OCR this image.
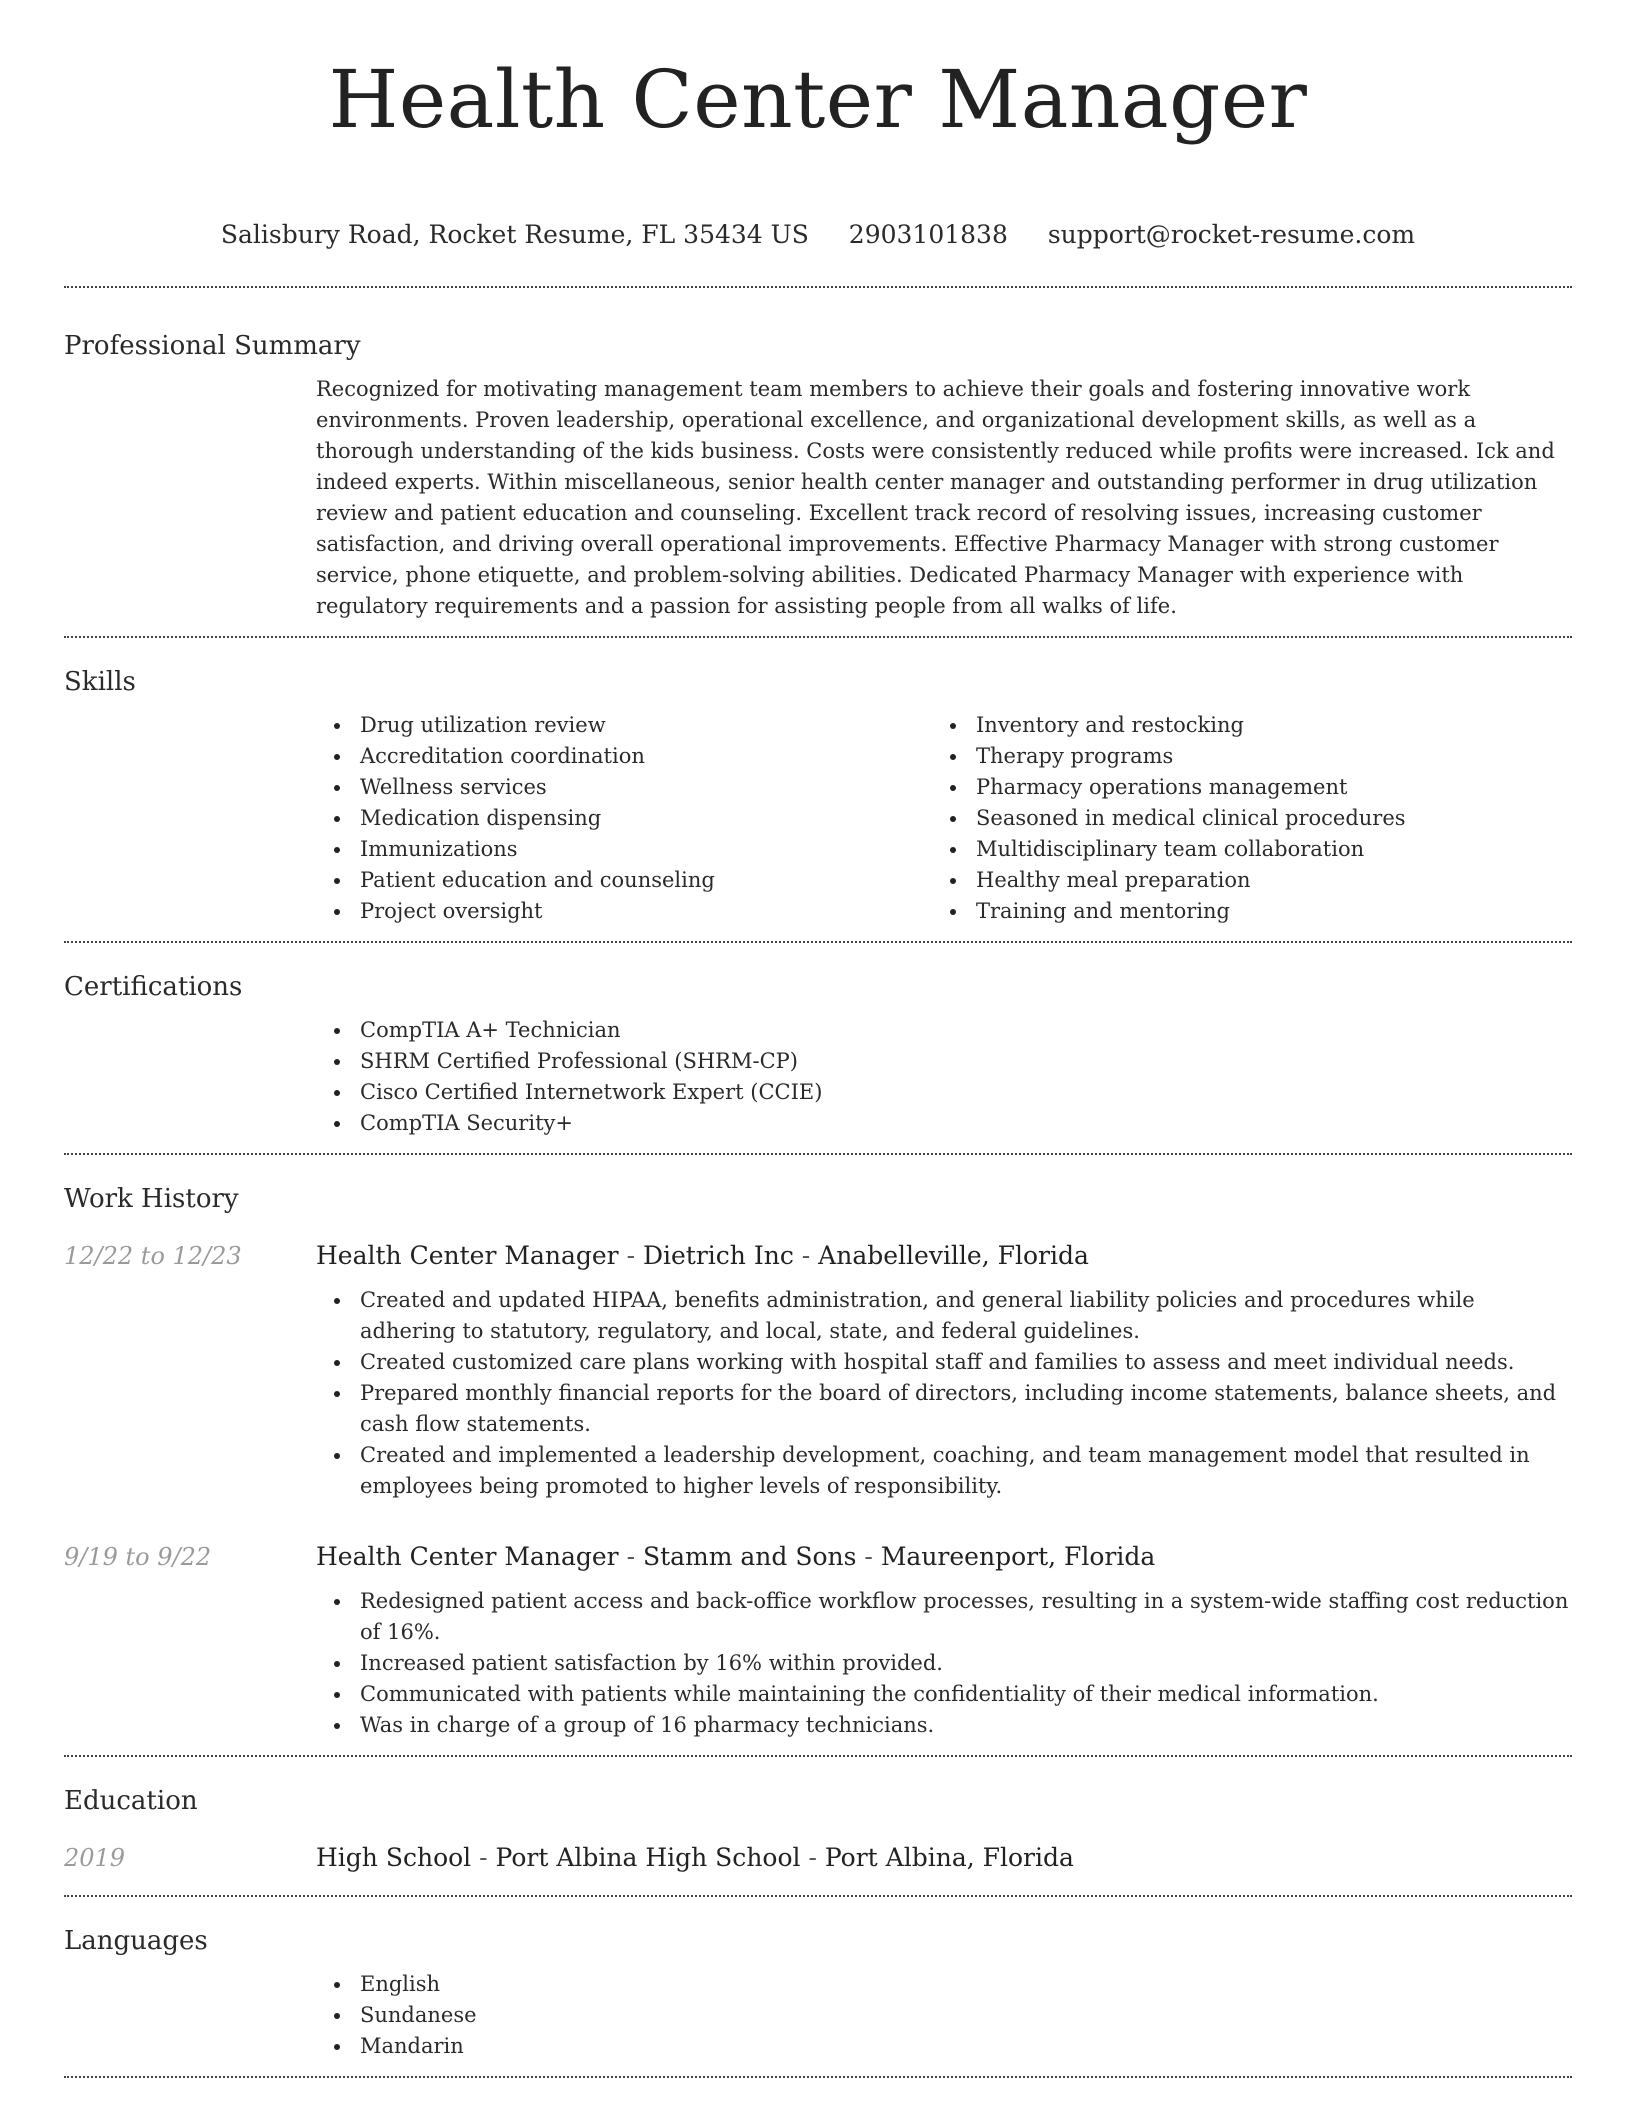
Health Center Manager
Salisbury Road, Rocket Resume, FL 35434 US 2903101838 support@rocket-resume.com
Professional Summary
Recognized for motivating management team members to achieve their goals and fostering innovative work environments. Proven leadership, operational excellence, and organizational development skills, as well as a thorough understanding of the kids business. Costs were consistently reduced while profits were increased. Ick and indeed experts. Within miscellaneous, senior health center manager and outstanding performer in drug utilization review and patient education and counseling. Excellent track record of resolving issues, increasing customer satisfaction, and driving overall operational improvements. Effective Pharmacy Manager with strong customer service, phone etiquette, and problem-solving abilities. Dedicated Pharmacy Manager with experience with regulatory requirements and a passion for assisting people from all walks of life.
Skills
Drug utilization review
Accreditation coordination
Wellness services
Medication dispensing
Immunizations
Patient education and counseling
Project oversight
Inventory and restocking
Therapy programs
Pharmacy operations management
Seasoned in medical clinical procedures
Multidisciplinary team collaboration
Healthy meal preparation
Training and mentoring
Certifications
CompTIA A+ Technician
SHRM Certified Professional (SHRM-CP)
Cisco Certified Internetwork Expert (CCIE)
CompTIA Security+
Work History
12/22 to 12/23	Health Center Manager - Dietrich Inc - Anabelleville, Florida
Created and updated HIPAA, benefits administration, and general liability policies and procedures while adhering to statutory, regulatory, and local, state, and federal guidelines.
Created customized care plans working with hospital staff and families to assess and meet individual needs.
Prepared monthly financial reports for the board of directors, including income statements, balance sheets, and cash flow statements.
Created and implemented a leadership development, coaching, and team management model that resulted in employees being promoted to higher levels of responsibility.
9/19 to 9/22	Health Center Manager - Stamm and Sons - Maureenport, Florida
Redesigned patient access and back-office workflow processes, resulting in a system-wide staffing cost reduction of 16%.
Increased patient satisfaction by 16% within provided.
Communicated with patients while maintaining the confidentiality of their medical information.
Was in charge of a group of 16 pharmacy technicians.
Education
2019	High School - Port Albina High School - Port Albina, Florida
Languages
English
Sundanese
Mandarin
